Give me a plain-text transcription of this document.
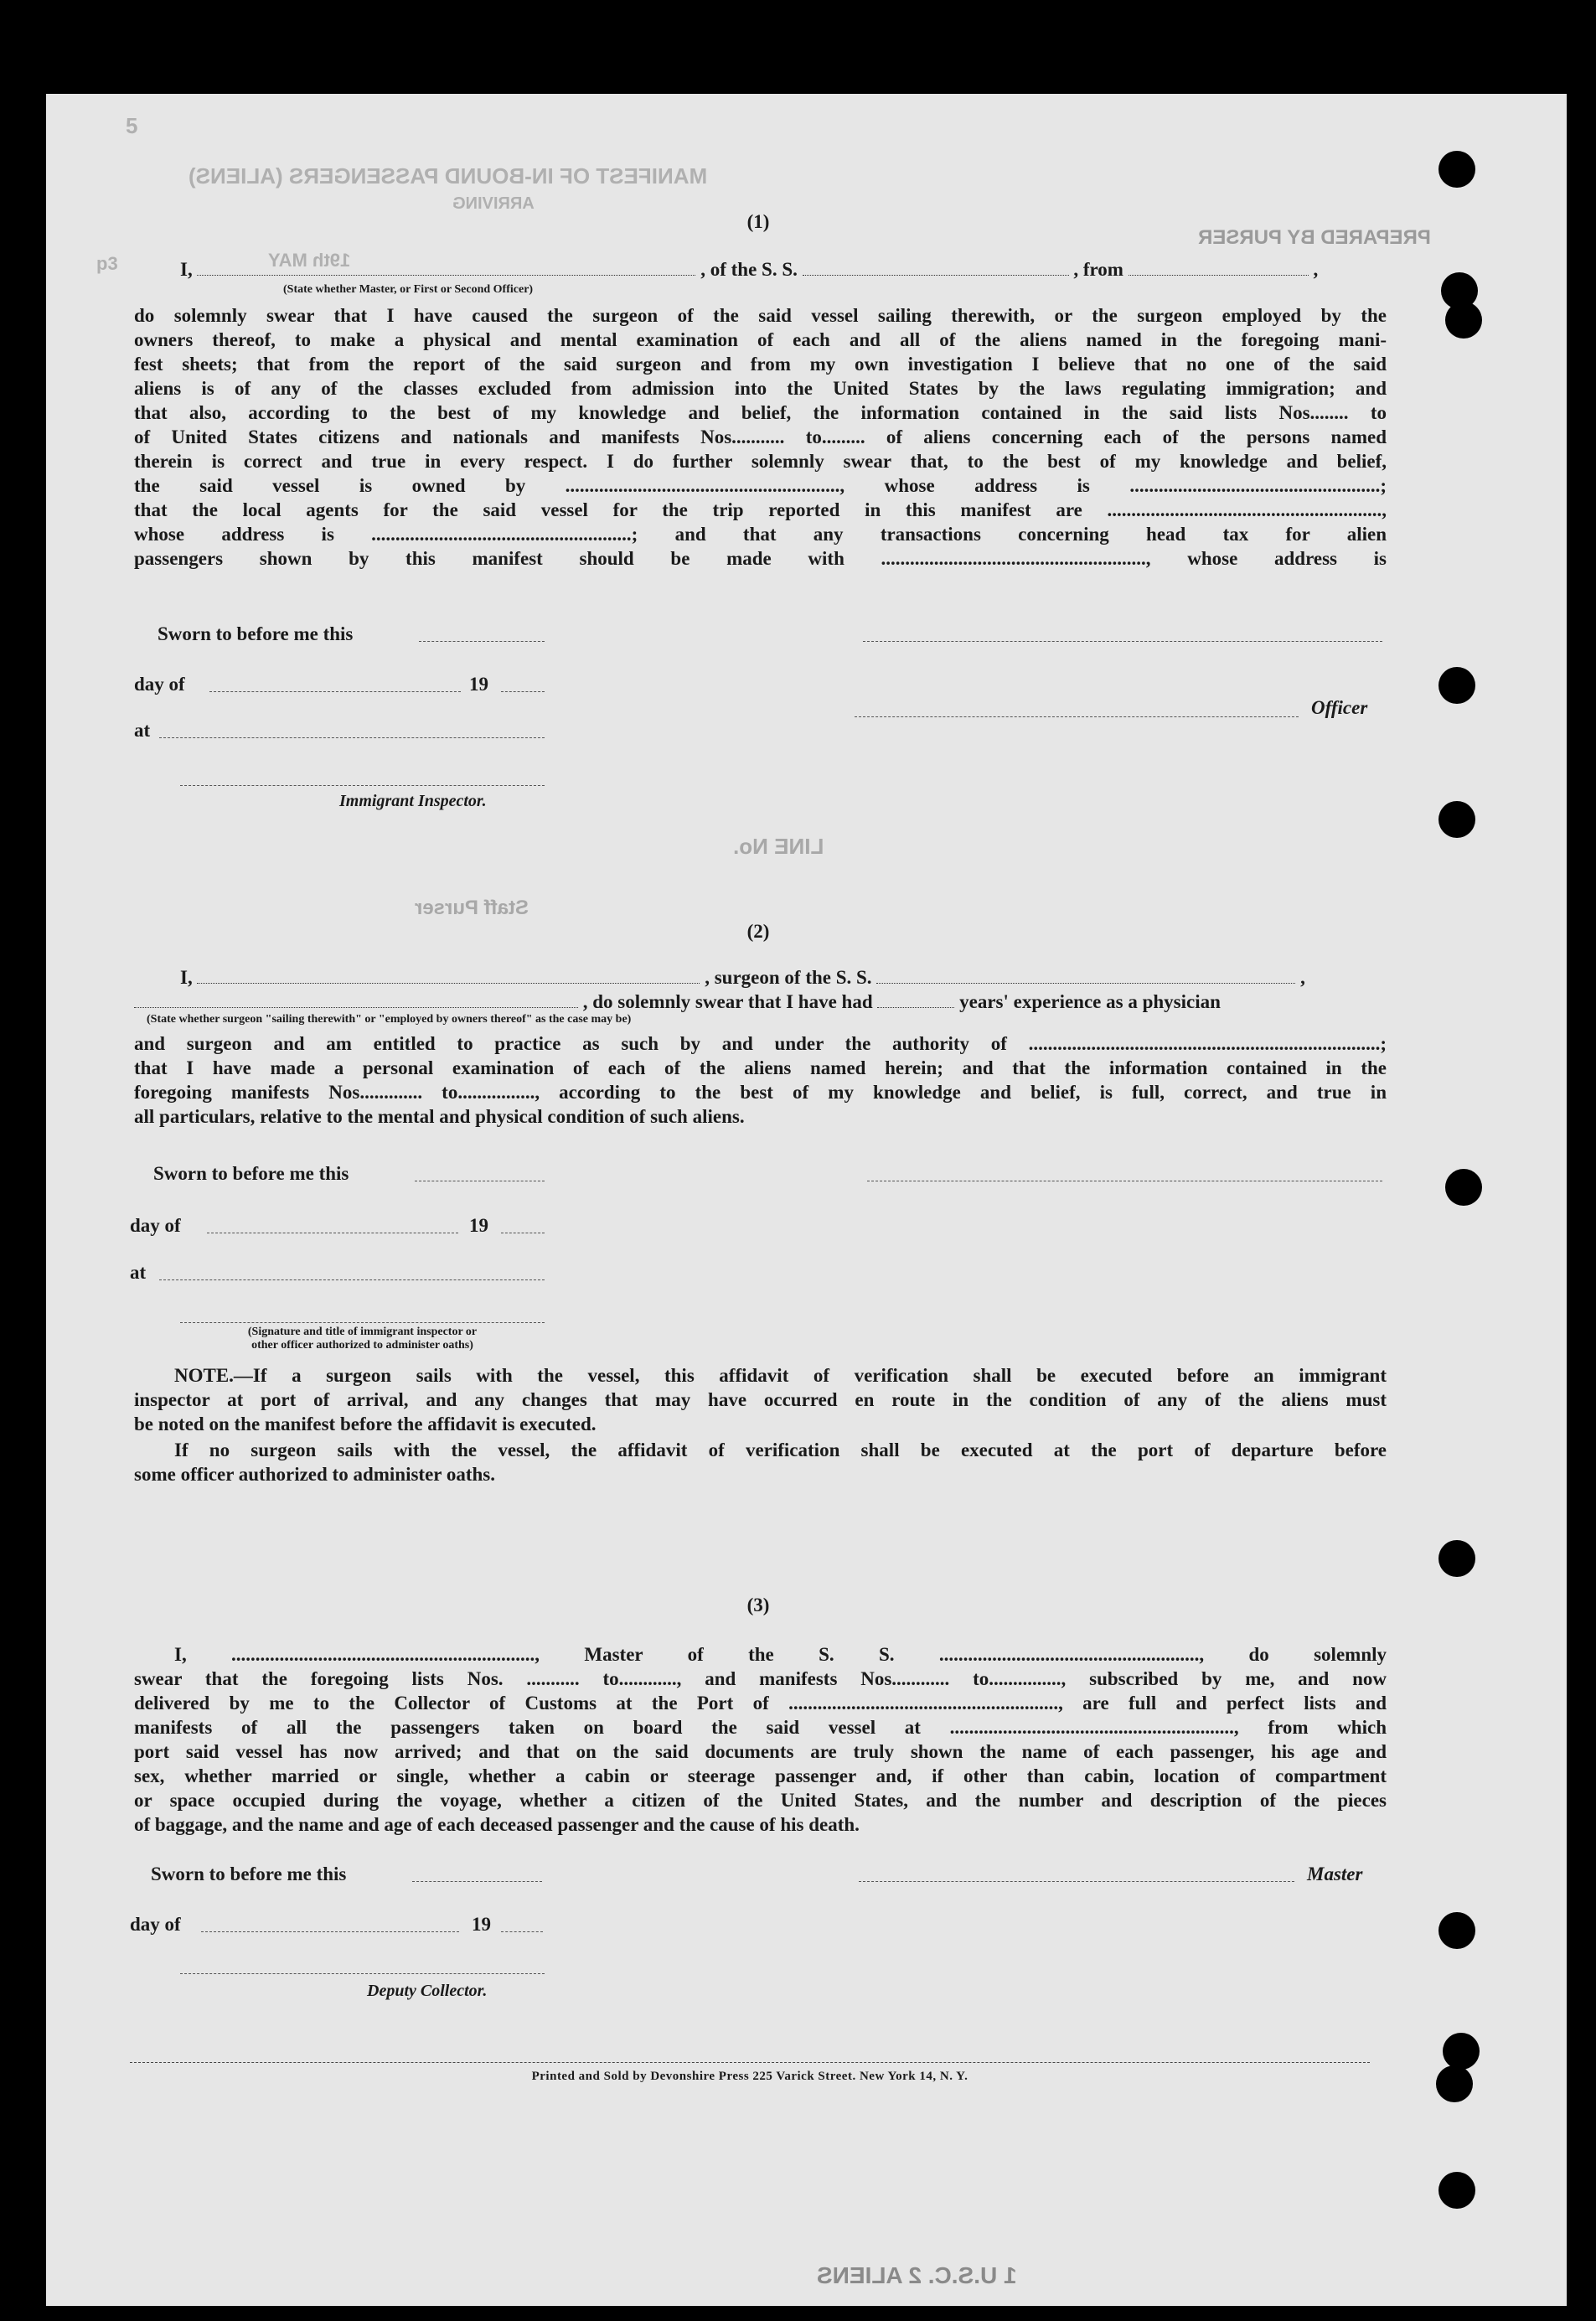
5
MANIFEST OF IN-BOUND PASSENGERS (ALIENS)
ARRIVING
PREPARED BY PURSER
19th MAY
p3
LINE No.
Staff Purser
1 U.S.C. 2 ALIENS
(1)
I,	, of the S. S.	, from	,
(State whether Master, or First or Second Officer)
do solemnly swear that I have caused the surgeon of the said vessel sailing therewith, or the surgeon employed by the
owners thereof, to make a physical and mental examination of each and all of the aliens named in the foregoing mani-
fest sheets; that from the report of the said surgeon and from my own investigation I believe that no one of the said
aliens is of any of the classes excluded from admission into the United States by the laws regulating immigration; and
that also, according to the best of my knowledge and belief, the information contained in the said lists Nos........ to
of United States citizens and nationals and manifests Nos........... to......... of aliens concerning each of the persons named
therein is correct and true in every respect. I do further solemnly swear that, to the best of my knowledge and belief,
the said vessel is owned by ........................................................., whose address is ....................................................;
that the local agents for the said vessel for the trip reported in this manifest are .........................................................,
whose address is ......................................................; and that any transactions concerning head tax for alien
passengers shown by this manifest should be made with ......................................................., whose address is
Sworn to before me this
day of	19
at
Officer
Immigrant Inspector.
(2)
I,	, surgeon of the S. S.	,
, do solemnly swear that I have had	years' experience as a physician
(State whether surgeon "sailing therewith" or "employed by owners thereof" as the case may be)
and surgeon and am entitled to practice as such by and under the authority of .........................................................................;
that I have made a personal examination of each of the aliens named herein; and that the information contained in the
foregoing manifests Nos............. to................, according to the best of my knowledge and belief, is full, correct, and true in
all particulars, relative to the mental and physical condition of such aliens.
Sworn to before me this
day of	19
at
(Signature and title of immigrant inspector or
other officer authorized to administer oaths)
NOTE.—If a surgeon sails with the vessel, this affidavit of verification shall be executed before an immigrant
inspector at port of arrival, and any changes that may have occurred en route in the condition of any of the aliens must
be noted on the manifest before the affidavit is executed.
If no surgeon sails with the vessel, the affidavit of verification shall be executed at the port of departure before
some officer authorized to administer oaths.
(3)
I, ..............................................................., Master of the S. S. ......................................................, do solemnly
swear that the foregoing lists Nos. ........... to............, and manifests Nos............ to..............., subscribed by me, and now
delivered by me to the Collector of Customs at the Port of ........................................................, are full and perfect lists and
manifests of all the passengers taken on board the said vessel at ..........................................................., from which
port said vessel has now arrived; and that on the said documents are truly shown the name of each passenger, his age and
sex, whether married or single, whether a cabin or steerage passenger and, if other than cabin, location of compartment
or space occupied during the voyage, whether a citizen of the United States, and the number and description of the pieces
of baggage, and the name and age of each deceased passenger and the cause of his death.
Sworn to before me this	Master
day of	19
Deputy Collector.
Printed and Sold by Devonshire Press 225 Varick Street. New York 14, N. Y.
